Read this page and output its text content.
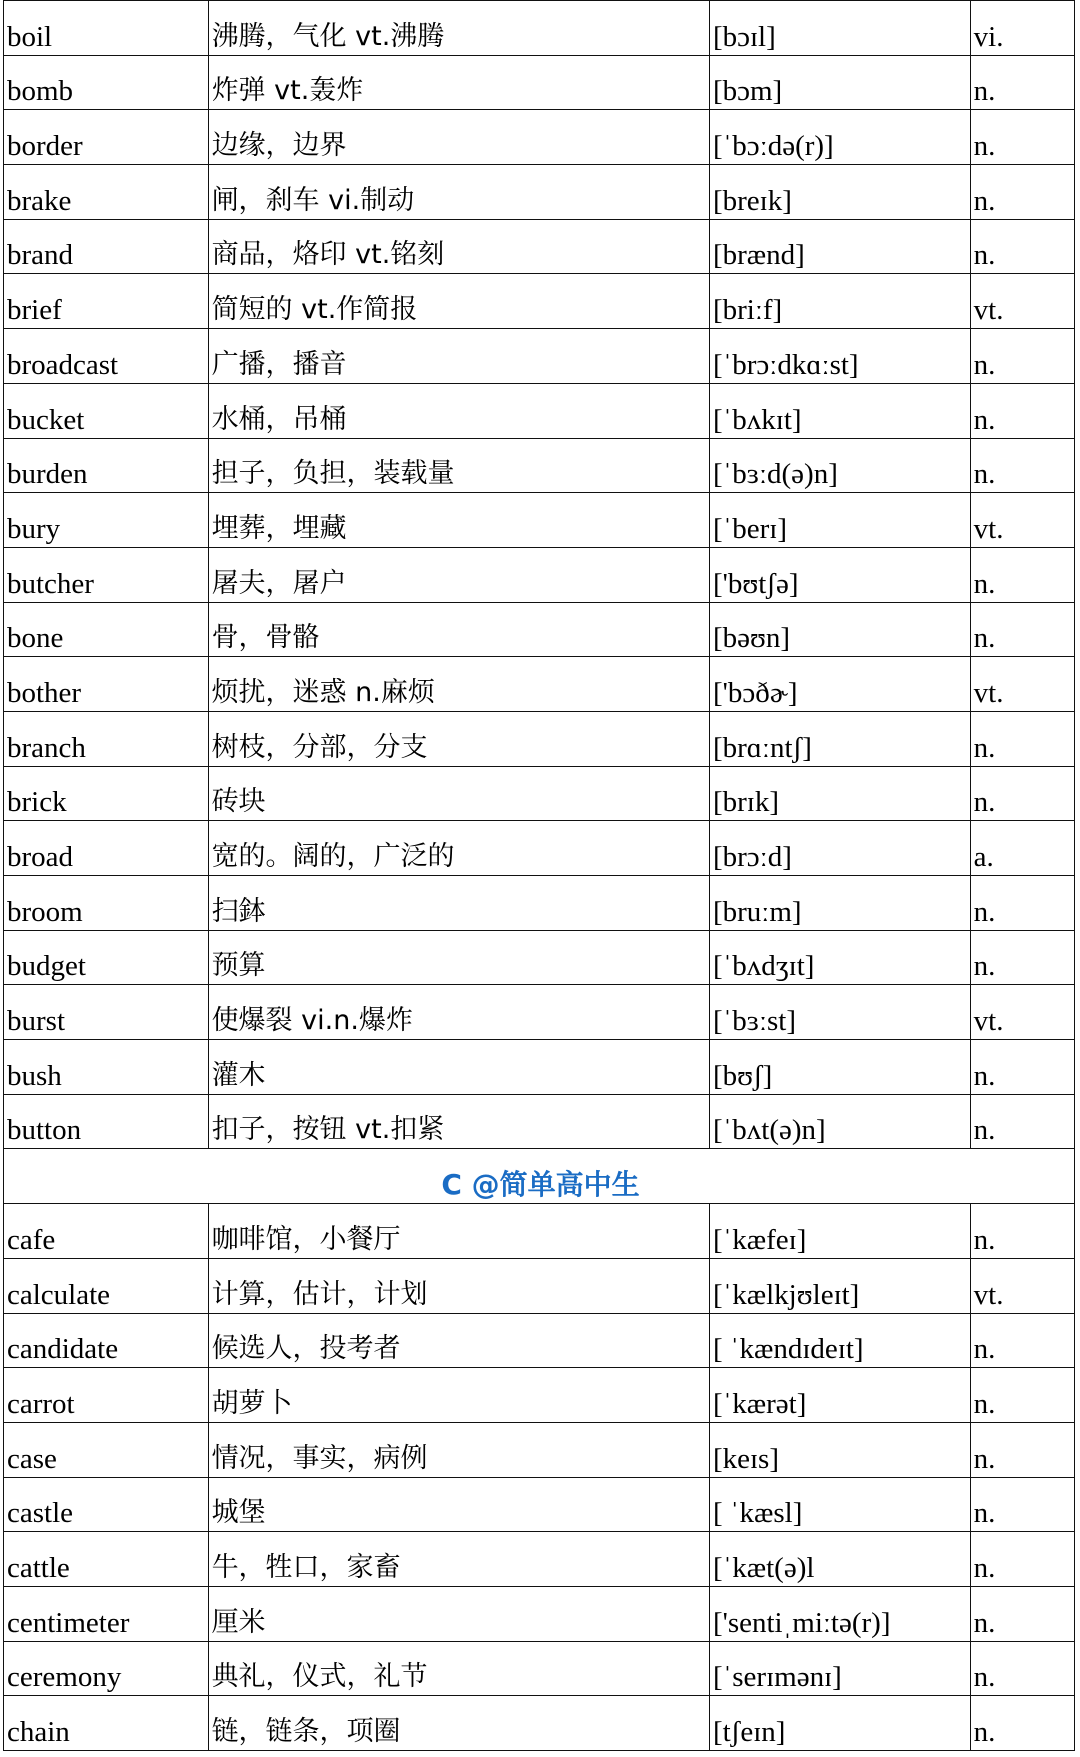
boil	沸腾，气化 vt.沸腾	[bɔɪl]	vi.
bomb	炸弹 vt.轰炸	[bɔm]	n.
border	边缘，边界	[ˈbɔːdə(r)]	n.
brake	闸，刹车 vi.制动	[breɪk]	n.
brand	商品，烙印 vt.铭刻	[brænd]	n.
brief	简短的 vt.作简报	[briːf]	vt.
broadcast	广播，播音	[ˈbrɔːdkɑːst]	n.
bucket	水桶，吊桶	[ˈbʌkɪt]	n.
burden	担子，负担，装载量	[ˈbɜːd(ə)n]	n.
bury	埋葬，埋藏	[ˈberɪ]	vt.
butcher	屠夫，屠户	['bʊtʃə]	n.
bone	骨，骨骼	[bəʊn]	n.
bother	烦扰，迷惑 n.麻烦	['bɔðɚ]	vt.
branch	树枝，分部，分支	[brɑːntʃ]	n.
brick	砖块	[brɪk]	n.
broad	宽的。阔的，广泛的	[brɔːd]	a.
broom	扫鉢	[bruːm]	n.
budget	预算	[ˈbʌdʒɪt]	n.
burst	使爆裂 vi.n.爆炸	[ˈbɜːst]	vt.
bush	灌木	[bʊʃ]	n.
button	扣子，按钮 vt.扣紧	[ˈbʌt(ə)n]	n.
C @简单高中生			
cafe	咖啡馆，小餐厅	[ˈkæfeɪ]	n.
calculate	计算，估计，计划	[ˈkælkjʊleɪt]	vt.
candidate	候选人，投考者	[ ˈkændɪdeɪt]	n.
carrot	胡萝卜	[ˈkærət]	n.
case	情况，事实，病例	[keɪs]	n.
castle	城堡	[ ˈkæsl]	n.
cattle	牛，牲口，家畜	[ˈkæt(ə)l	n.
centimeter	厘米	['sentiˌmiːtə(r)]	n.
ceremony	典礼，仪式，礼节	[ˈserɪmənɪ]	n.
chain	链，链条，项圈	[tʃeɪn]	n.
